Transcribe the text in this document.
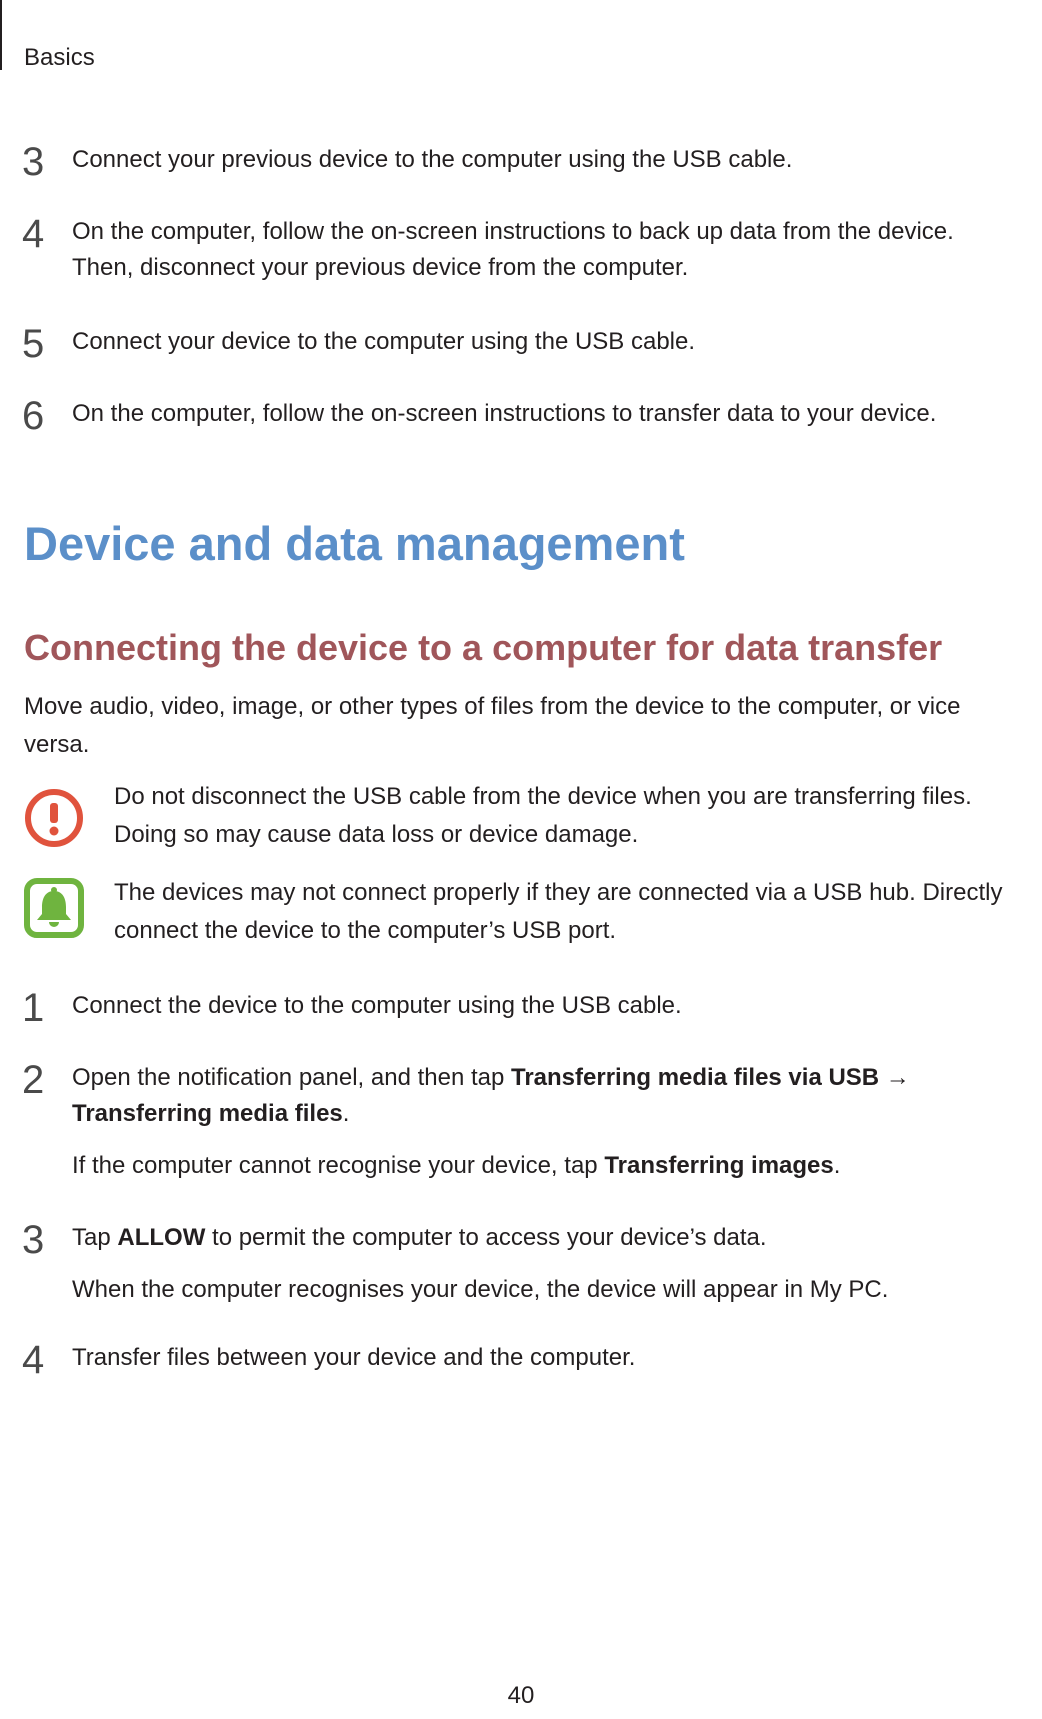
Basics
3	Connect your previous device to the computer using the USB cable.
4	On the computer, follow the on-screen instructions to back up data from the device.
Then, disconnect your previous device from the computer.
5	Connect your device to the computer using the USB cable.
6	On the computer, follow the on-screen instructions to transfer data to your device.
Device and data management
Connecting the device to a computer for data transfer
Move audio, video, image, or other types of files from the device to the computer, or vice versa.
Do not disconnect the USB cable from the device when you are transferring files.
Doing so may cause data loss or device damage.
The devices may not connect properly if they are connected via a USB hub. Directly
connect the device to the computer’s USB port.
1	Connect the device to the computer using the USB cable.
2	Open the notification panel, and then tap Transferring media files via USB → Transferring media files.
If the computer cannot recognise your device, tap Transferring images.
3	Tap ALLOW to permit the computer to access your device’s data.
When the computer recognises your device, the device will appear in My PC.
4	Transfer files between your device and the computer.
40
